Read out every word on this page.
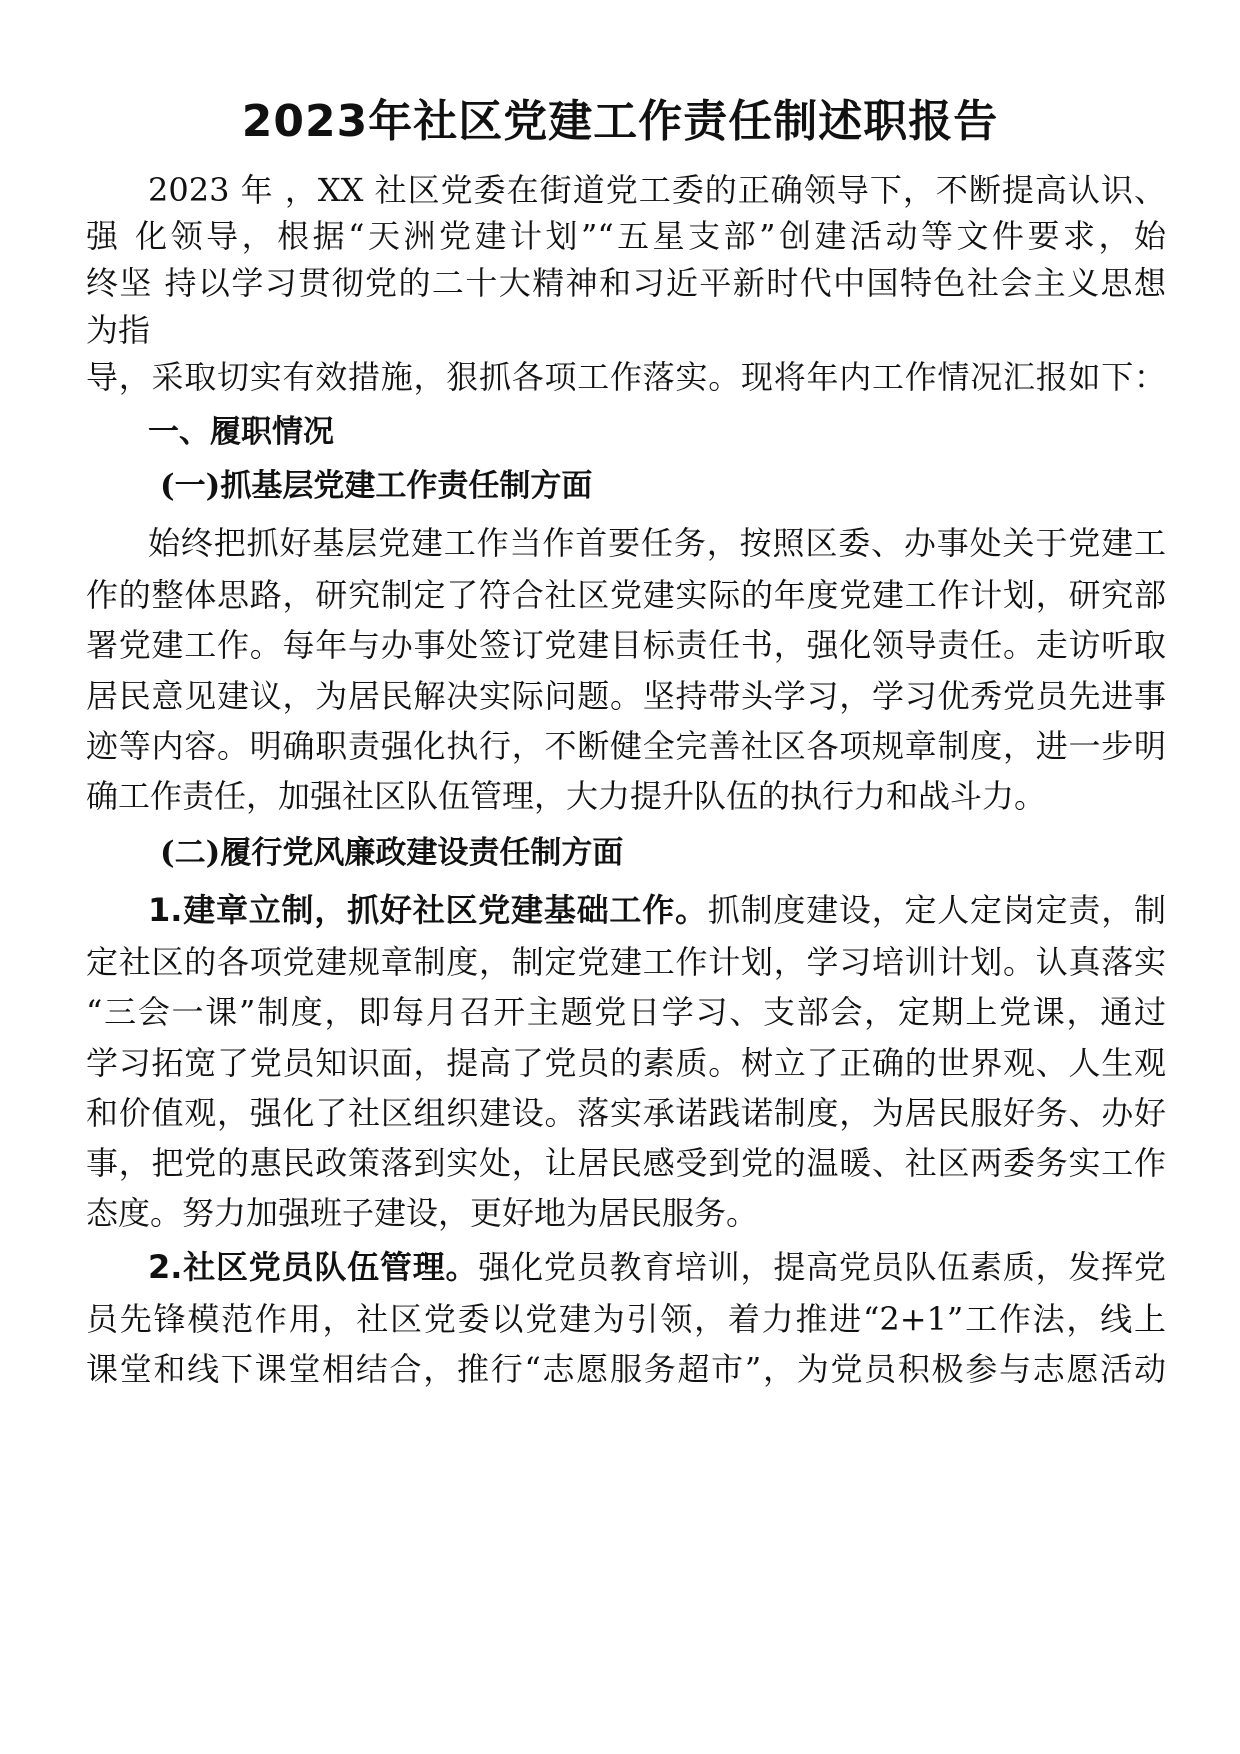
2023年社区党建工作责任制述职报告
2023 年 ，XX 社区党委在街道党工委的正确领导下，不断提高认识、
强 化领导，根据“天洲党建计划”“五星支部”创建活动等文件要求，始
终坚 持以学习贯彻党的二十大精神和习近平新时代中国特色社会主义思想
为指
导，采取切实有效措施，狠抓各项工作落实。现将年内工作情况汇报如下：
一、履职情况
(一)抓基层党建工作责任制方面
始终把抓好基层党建工作当作首要任务，按照区委、办事处关于党建工
作的整体思路，研究制定了符合社区党建实际的年度党建工作计划，研究部
署党建工作。每年与办事处签订党建目标责任书，强化领导责任。走访听取
居民意见建议，为居民解决实际问题。坚持带头学习，学习优秀党员先进事
迹等内容。明确职责强化执行，不断健全完善社区各项规章制度，进一步明
确工作责任，加强社区队伍管理，大力提升队伍的执行力和战斗力。
(二)履行党风廉政建设责任制方面
1.建章立制，抓好社区党建基础工作。抓制度建设，定人定岗定责，制
定社区的各项党建规章制度，制定党建工作计划，学习培训计划。认真落实
“三会一课”制度，即每月召开主题党日学习、支部会，定期上党课，通过
学习拓宽了党员知识面，提高了党员的素质。树立了正确的世界观、人生观
和价值观，强化了社区组织建设。落实承诺践诺制度，为居民服好务、办好
事，把党的惠民政策落到实处，让居民感受到党的温暖、社区两委务实工作
态度。努力加强班子建设，更好地为居民服务。
2.社区党员队伍管理。强化党员教育培训，提高党员队伍素质，发挥党
员先锋模范作用，社区党委以党建为引领，着力推进“2+1”工作法，线上
课堂和线下课堂相结合，推行“志愿服务超市”，为党员积极参与志愿活动
